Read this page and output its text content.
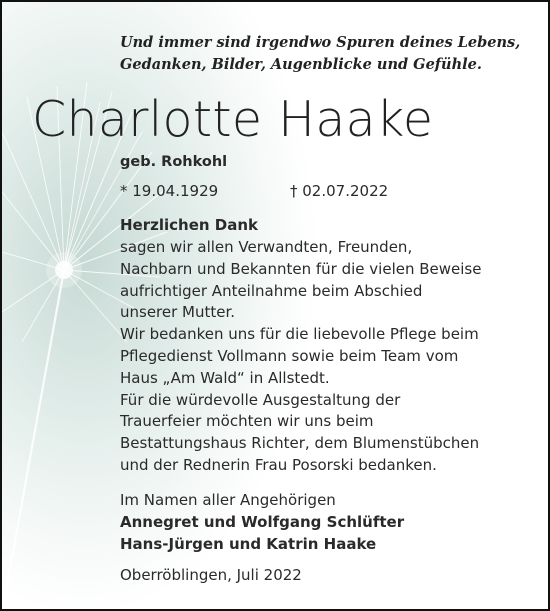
Und immer sind irgendwo Spuren deines Lebens,
Gedanken, Bilder, Augenblicke und Gefühle.
Charlotte Haake
geb. Rohkohl
* 19.04.1929	† 02.07.2022
Herzlichen Dank
sagen wir allen Verwandten, Freunden,
Nachbarn und Bekannten für die vielen Beweise
aufrichtiger Anteilnahme beim Abschied
unserer Mutter.
Wir bedanken uns für die liebevolle Pflege beim
Pflegedienst Vollmann sowie beim Team vom
Haus „Am Wald“ in Allstedt.
Für die würdevolle Ausgestaltung der
Trauerfeier möchten wir uns beim
Bestattungshaus Richter, dem Blumenstübchen
und der Rednerin Frau Posorski bedanken.
Im Namen aller Angehörigen
Annegret und Wolfgang Schlüfter
Hans-Jürgen und Katrin Haake
Oberröblingen, Juli 2022
